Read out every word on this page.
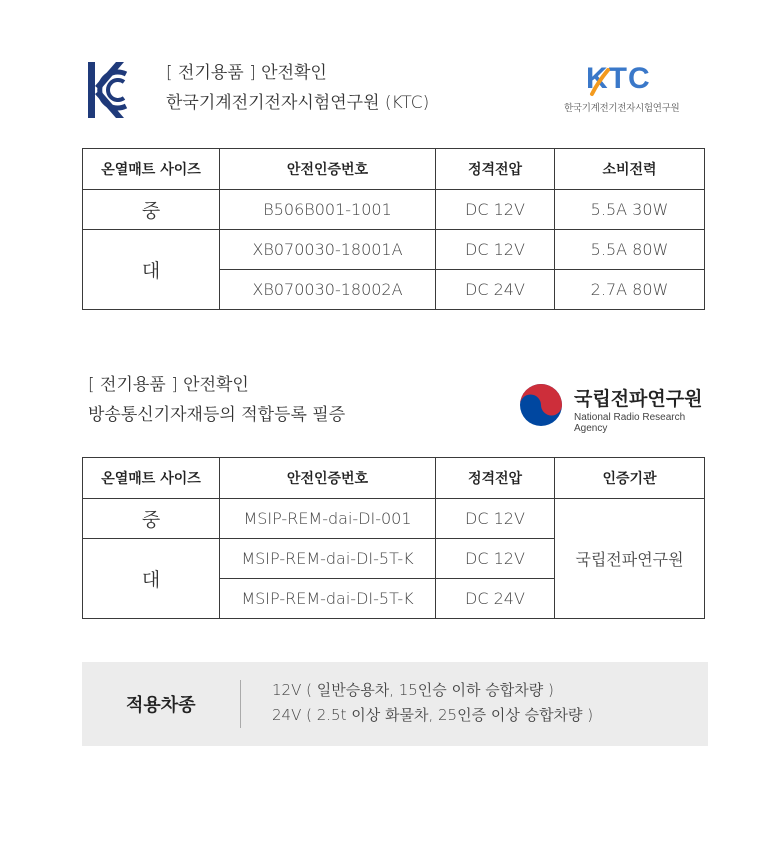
[ 전기용품 ] 안전확인
한국기계전기전자시험연구원 (KTC)
KTC
한국기계전기전자시험연구원
온열매트 사이즈	안전인증번호	정격전압	소비전력
중	B506B001-1001	DC 12V	5.5A 30W
대	XB070030-18001A	DC 12V	5.5A 80W
	XB070030-18002A	DC 24V	2.7A 80W
[ 전기용품 ] 안전확인
방송통신기자재등의 적합등록 필증
국립전파연구원
National Radio Research Agency
온열매트 사이즈	안전인증번호	정격전압	인증기관
중	MSIP-REM-dai-DI-001	DC 12V	국립전파연구원
대	MSIP-REM-dai-DI-5T-K	DC 12V	
	MSIP-REM-dai-DI-5T-K	DC 24V	
적용차종
12V ( 일반승용차, 15인승 이하 승합차량 )
24V ( 2.5t 이상 화물차, 25인증 이상 승합차량 )
